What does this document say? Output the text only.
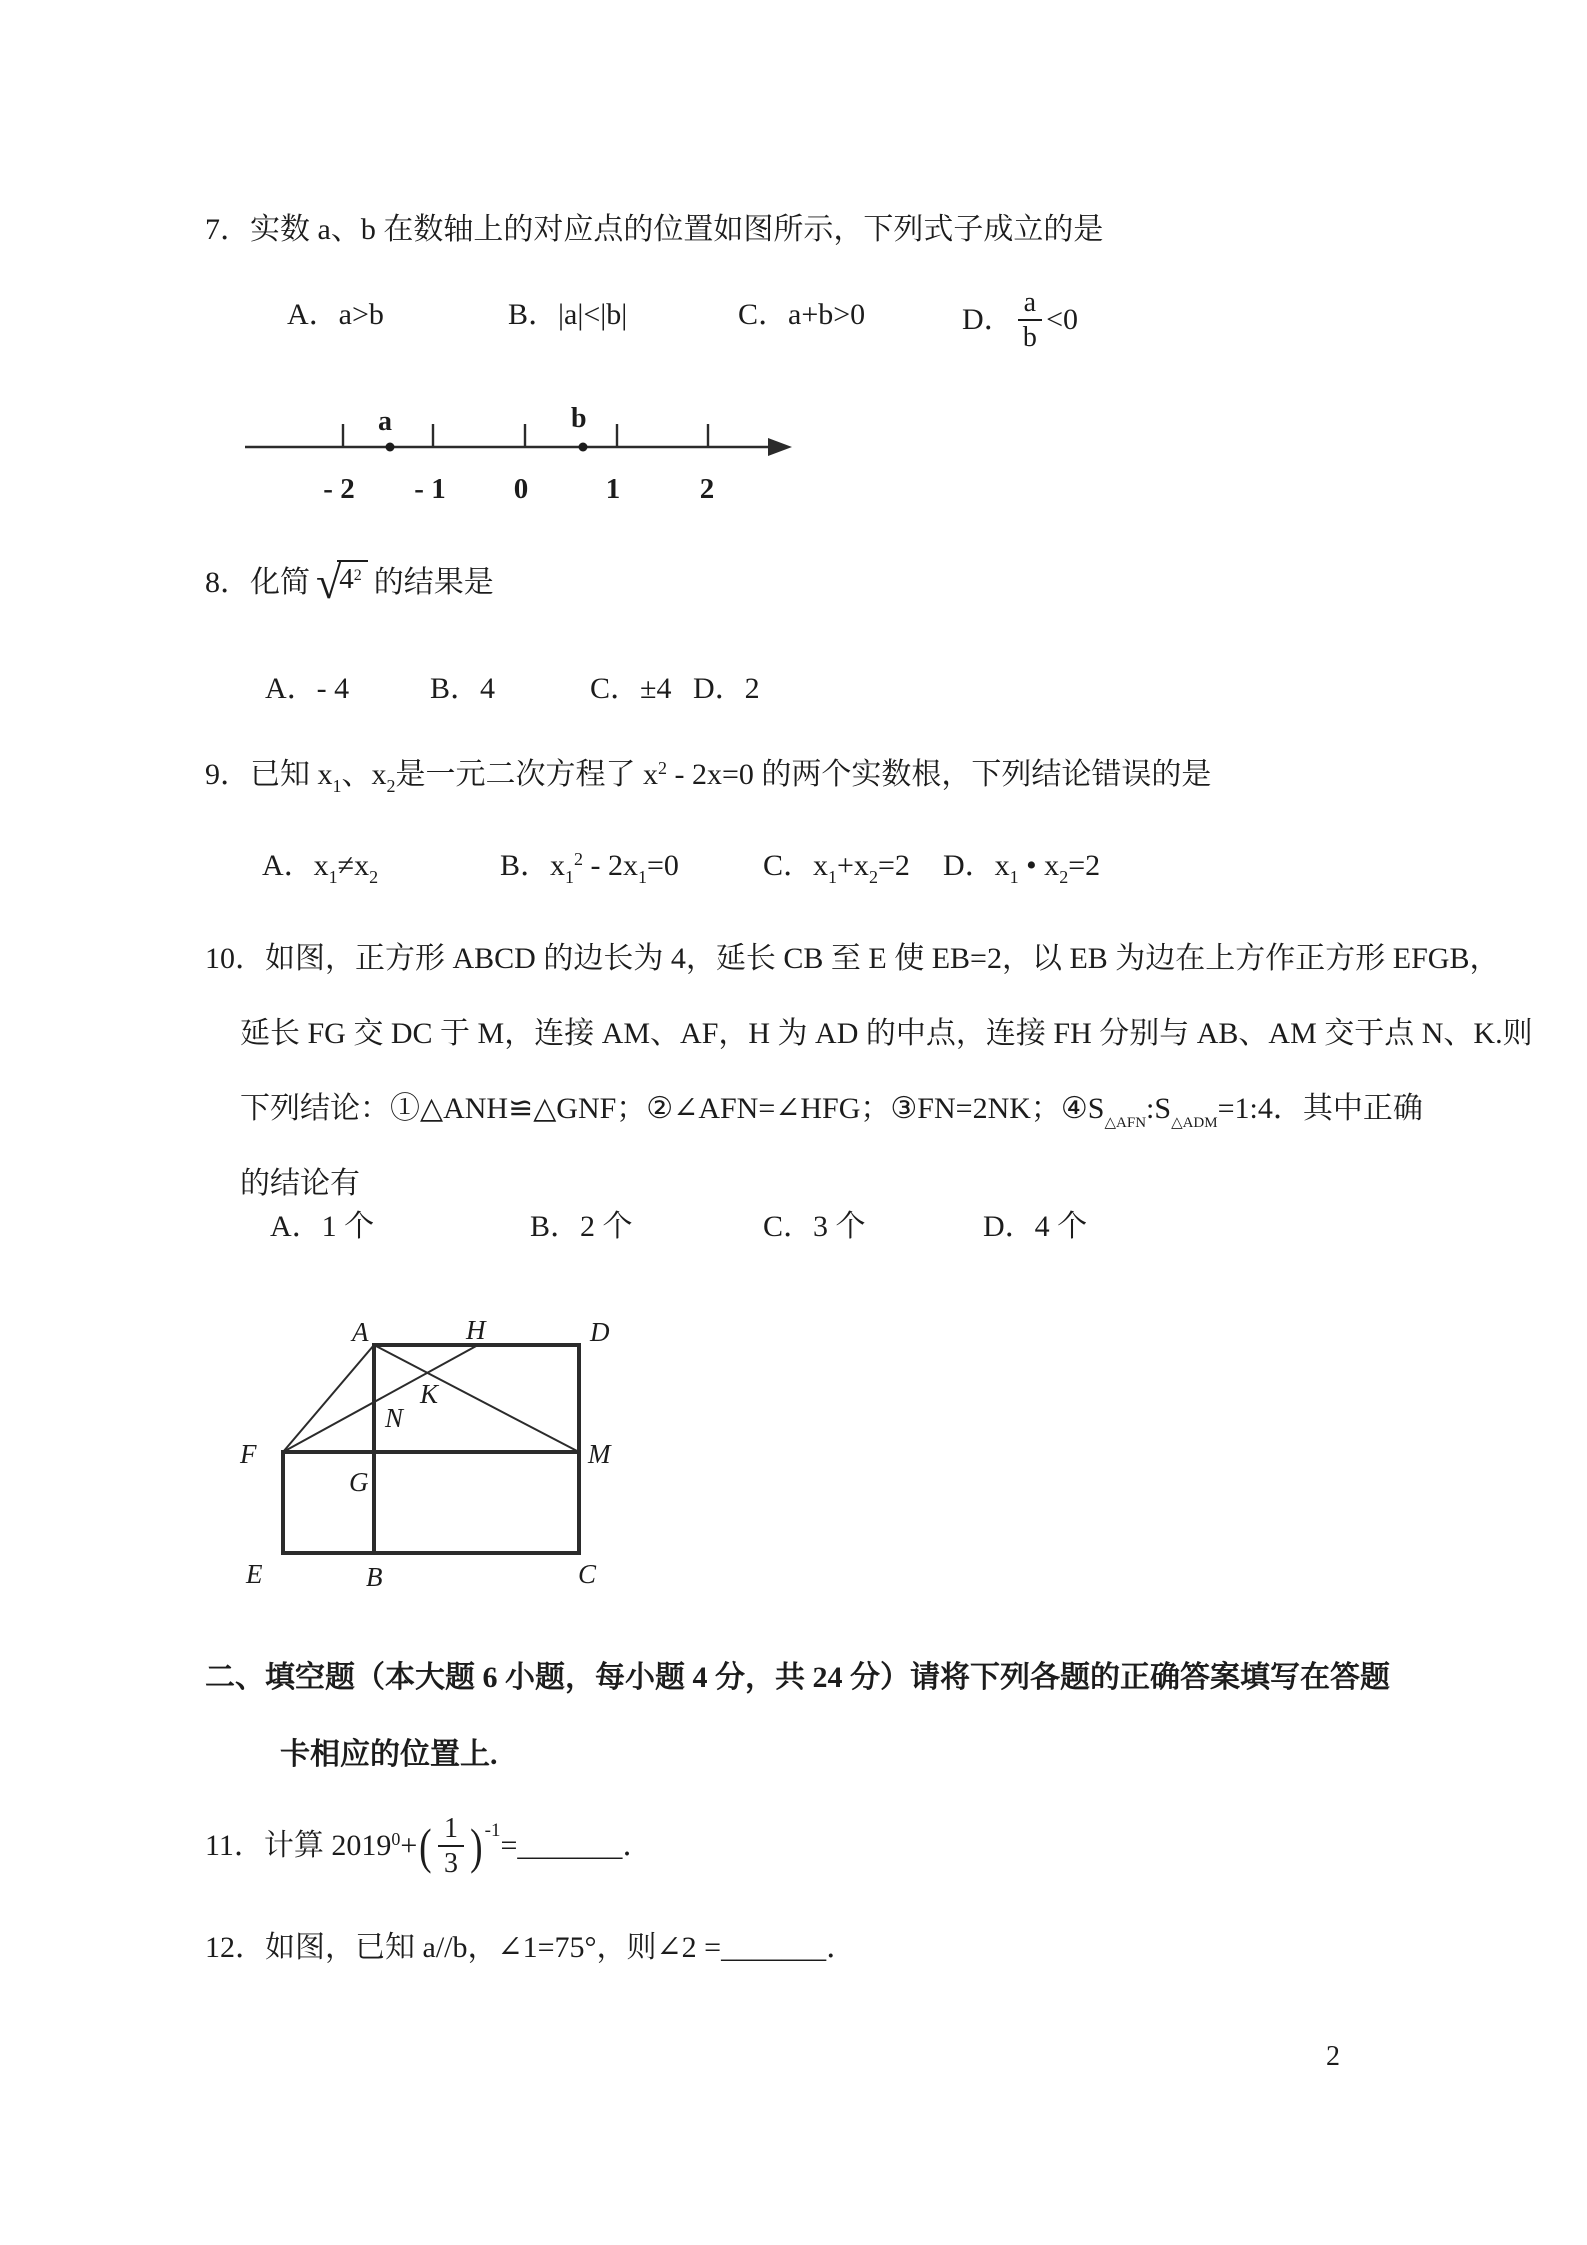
7．实数 a、b 在数轴上的对应点的位置如图所示，下列式子成立的是
A．a>b	B．|a|<|b|	C．a+b>0	D． $\frac{a}{b} <0$
a	b
- 2 - 1 0	1	2
8．化简 √
$4^2$ 的结果是
A．- 4	B．4	C．±4 D．2
9．已知 $x_1$、$x_2$是一元二次方程了 $x^2 - 2x=0$ 的两个实数根，下列结论错误的是
A．$x_1\ne x_2$	B．$x_1^2 - 2x_1=0$	C．$x_1+x_2=2$ D．$x_1$ • $x_2=2$
10．如图，正方形 ABCD 的边长为 4，延长 CB 至 E 使 EB=2，以 EB 为边在上方作正方形 EFGB，
延长 FG 交 DC 于 M，连接 AM、AF，H 为 AD 的中点，连接 FH 分别与 AB、AM 交于点 N、K.则
下列结论：①△ANH≌△GNF；②∠AFN=∠HFG；③FN=2NK；$④S_{\triangle AFN}:S_{\triangle ADM}=1:4$．其中正确
的结论有
A．1 个	B．2 个	C．3 个	D．4 个
A	H	D
F
G
M
E	B	C
N
K
二、填空题（本大题 6 小题，每小题 4 分，共 24 分）请将下列各题的正确答案填写在答题
卡相应的位置上.
11．计算 $2019^0+$ ( $\frac{1}{3}$ ) -1 = _______ ．
12．如图，已知 a//b，∠1=75°，则∠2 =_______．
2
